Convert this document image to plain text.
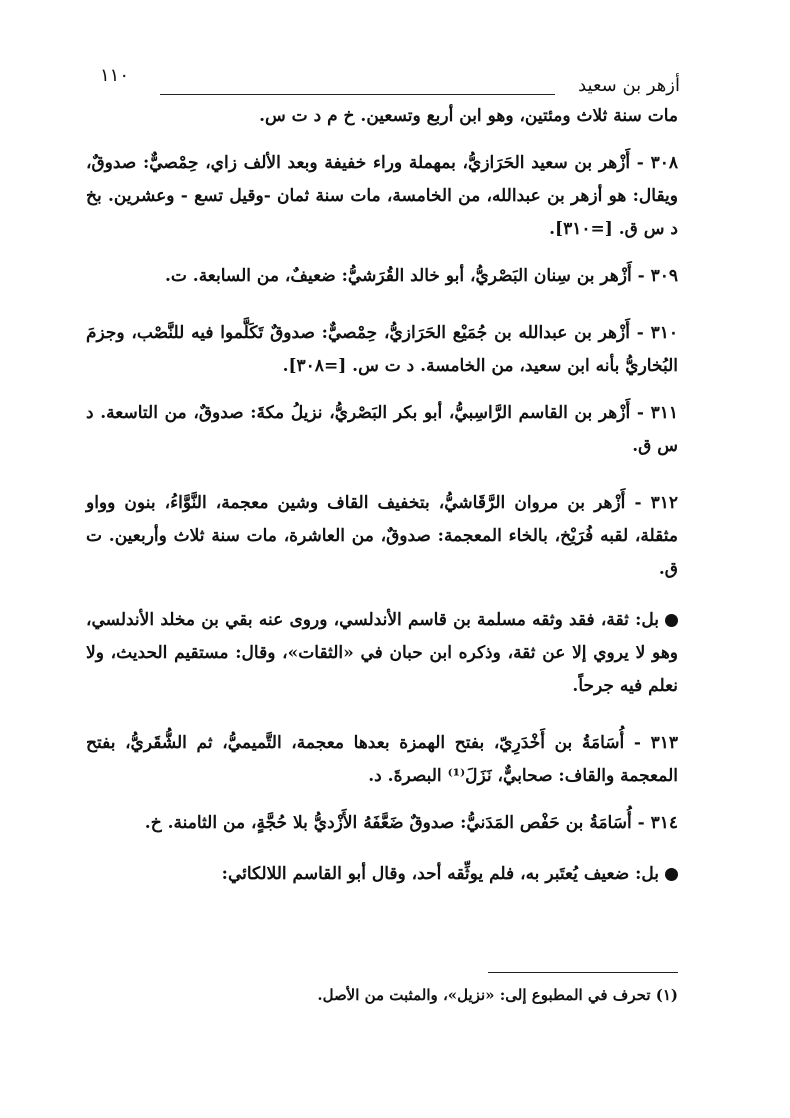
أزهر بن سعيد
١١٠

مات سنة ثلاث ومئتين، وهو ابن أربع وتسعين. خ م د ت س.

٣٠٨ - أَزْهر بن سعيد الحَرَازيُّ، بمهملة وراء خفيفة وبعد الألف زاي، حِمْصيٌّ: صدوقٌ، ويقال: هو أزهر بن عبدالله، من الخامسة، مات سنة ثمان -وقيل تسع - وعشرين. بخ د س ق. [=٣١٠].

٣٠٩ - أَزْهر بن سِنان البَصْريُّ، أبو خالد القُرَشيُّ: ضعيفٌ، من السابعة. ت.

٣١٠ - أَزْهر بن عبدالله بن جُمَيْع الحَرَازيُّ، حِمْصيٌّ: صدوقٌ تَكَلَّموا فيه للنَّصْب، وجزمَ البُخاريُّ بأنه ابن سعيد، من الخامسة. د ت س. [=٣٠٨].

٣١١ - أَزْهر بن القاسم الرَّاسِبيُّ، أبو بكر البَصْريُّ، نزيلُ مكةَ: صدوقٌ، من التاسعة. د س ق.

٣١٢ - أَزْهر بن مروان الرَّقَاشيُّ، بتخفيف القاف وشين معجمة، النَّوَّاءُ، بنون وواو مثقلة، لقبه فُرَيْخ، بالخاء المعجمة: صدوقٌ، من العاشرة، مات سنة ثلاث وأربعين. ت ق.

بل: ثقة، فقد وثقه مسلمة بن قاسم الأندلسي، وروى عنه بقي بن مخلد الأندلسي، وهو لا يروي إلا عن ثقة، وذكره ابن حبان في «الثقات»، وقال: مستقيم الحديث، ولا نعلم فيه جرحاً.

٣١٣ - أُسَامَةُ بن أَخْدَرِيّ، بفتح الهمزة بعدها معجمة، التَّميميُّ، ثم الشُّقَريُّ، بفتح المعجمة والقاف: صحابيٌّ، نَزَلَ⁽¹⁾ البصرةَ. د.

٣١٤ - أُسَامَةُ بن حَفْص المَدَنيُّ: صدوقٌ ضَعَّفَهُ الأَزْديُّ بلا حُجَّةٍ، من الثامنة. خ.

بل: ضعيف يُعتَبر به، فلم يوثِّقه أحد، وقال أبو القاسم اللالكائي:

(١) تحرف في المطبوع إلى: «نزيل»، والمثبت من الأصل.
